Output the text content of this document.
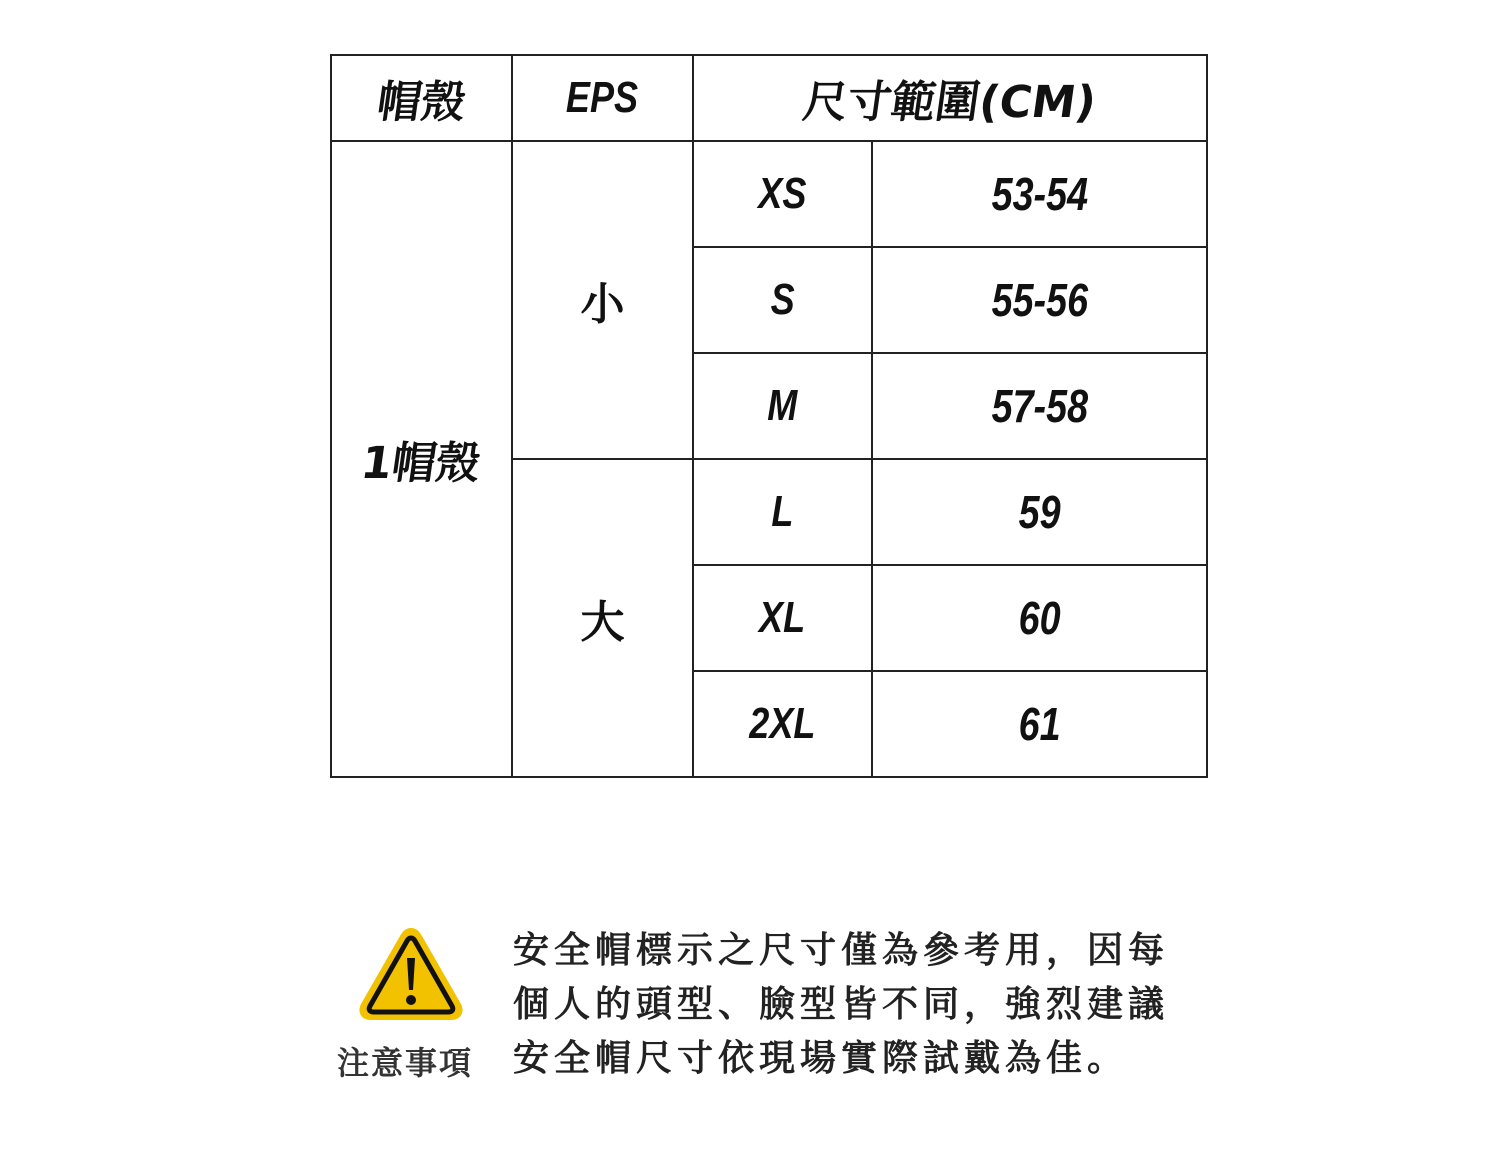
帽殼	EPS	尺寸範圍(CM)	
1帽殼	小	XS	53-54
		S	55-56
		M	57-58
	大	L	59
		XL	60
		2XL	61
注意事項
安全帽標示之尺寸僅為參考用，因每
個人的頭型、臉型皆不同，強烈建議
安全帽尺寸依現場實際試戴為佳。
